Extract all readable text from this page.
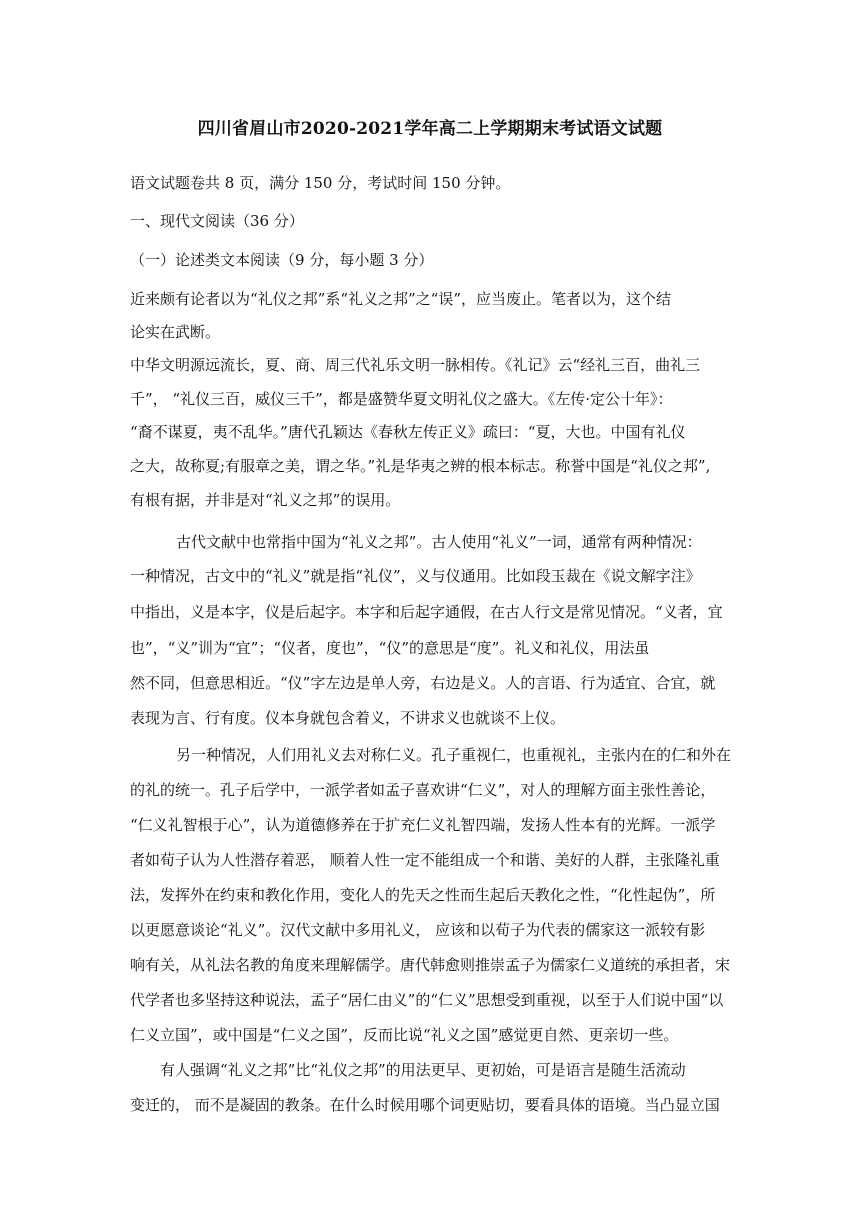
四川省眉山市2020-2021学年高二上学期期末考试语文试题
语文试题卷共 8 页，满分 150 分，考试时间 150 分钟。
一、现代文阅读（36 分）
（一）论述类文本阅读（9 分，每小题 3 分）
近来颇有论者以为“礼仪之邦”系“礼义之邦”之“误”，应当废止。笔者以为，这个结
论实在武断。
中华文明源远流长，夏、商、周三代礼乐文明一脉相传。《礼记》云“经礼三百，曲礼三
千”， “礼仪三百，威仪三千”，都是盛赞华夏文明礼仪之盛大。《左传·定公十年》：
“裔不谋夏，夷不乱华。”唐代孔颖达《春秋左传正义》疏曰：“夏，大也。中国有礼仪
之大，故称夏;有服章之美，谓之华。”礼是华夷之辨的根本标志。称誉中国是“礼仪之邦”,
有根有据，并非是对“礼义之邦”的误用。
古代文献中也常指中国为“礼义之邦”。古人使用“礼义”一词，通常有两种情况：
一种情况，古文中的“礼义”就是指“礼仪”，义与仪通用。比如段玉裁在《说文解字注》
中指出，义是本字，仪是后起字。本字和后起字通假，在古人行文是常见情况。“义者，宜
也”，“义”训为“宜”；“仪者，度也”，“仪”的意思是“度”。礼义和礼仪，用法虽
然不同，但意思相近。“仪”字左边是单人旁，右边是义。人的言语、行为适宜、合宜，就
表现为言、行有度。仪本身就包含着义，不讲求义也就谈不上仪。
另一种情况，人们用礼义去对称仁义。孔子重视仁，也重视礼，主张内在的仁和外在
的礼的统一。孔子后学中，一派学者如孟子喜欢讲“仁义”，对人的理解方面主张性善论，
“仁义礼智根于心”，认为道德修养在于扩充仁义礼智四端，发扬人性本有的光辉。一派学
者如荀子认为人性潜存着恶， 顺着人性一定不能组成一个和谐、美好的人群，主张隆礼重
法，发挥外在约束和教化作用，变化人的先天之性而生起后天教化之性，“化性起伪”，所
以更愿意谈论“礼义”。汉代文献中多用礼义， 应该和以荀子为代表的儒家这一派较有影
响有关，从礼法名教的角度来理解儒学。唐代韩愈则推崇孟子为儒家仁义道统的承担者，宋
代学者也多坚持这种说法，孟子“居仁由义”的“仁义”思想受到重视，以至于人们说中国“以
仁义立国”，或中国是“仁义之国”，反而比说“礼义之国”感觉更自然、更亲切一些。
有人强调“礼义之邦”比“礼仪之邦”的用法更早、更初始，可是语言是随生活流动
变迁的， 而不是凝固的教条。在什么时候用哪个词更贴切，要看具体的语境。当凸显立国
